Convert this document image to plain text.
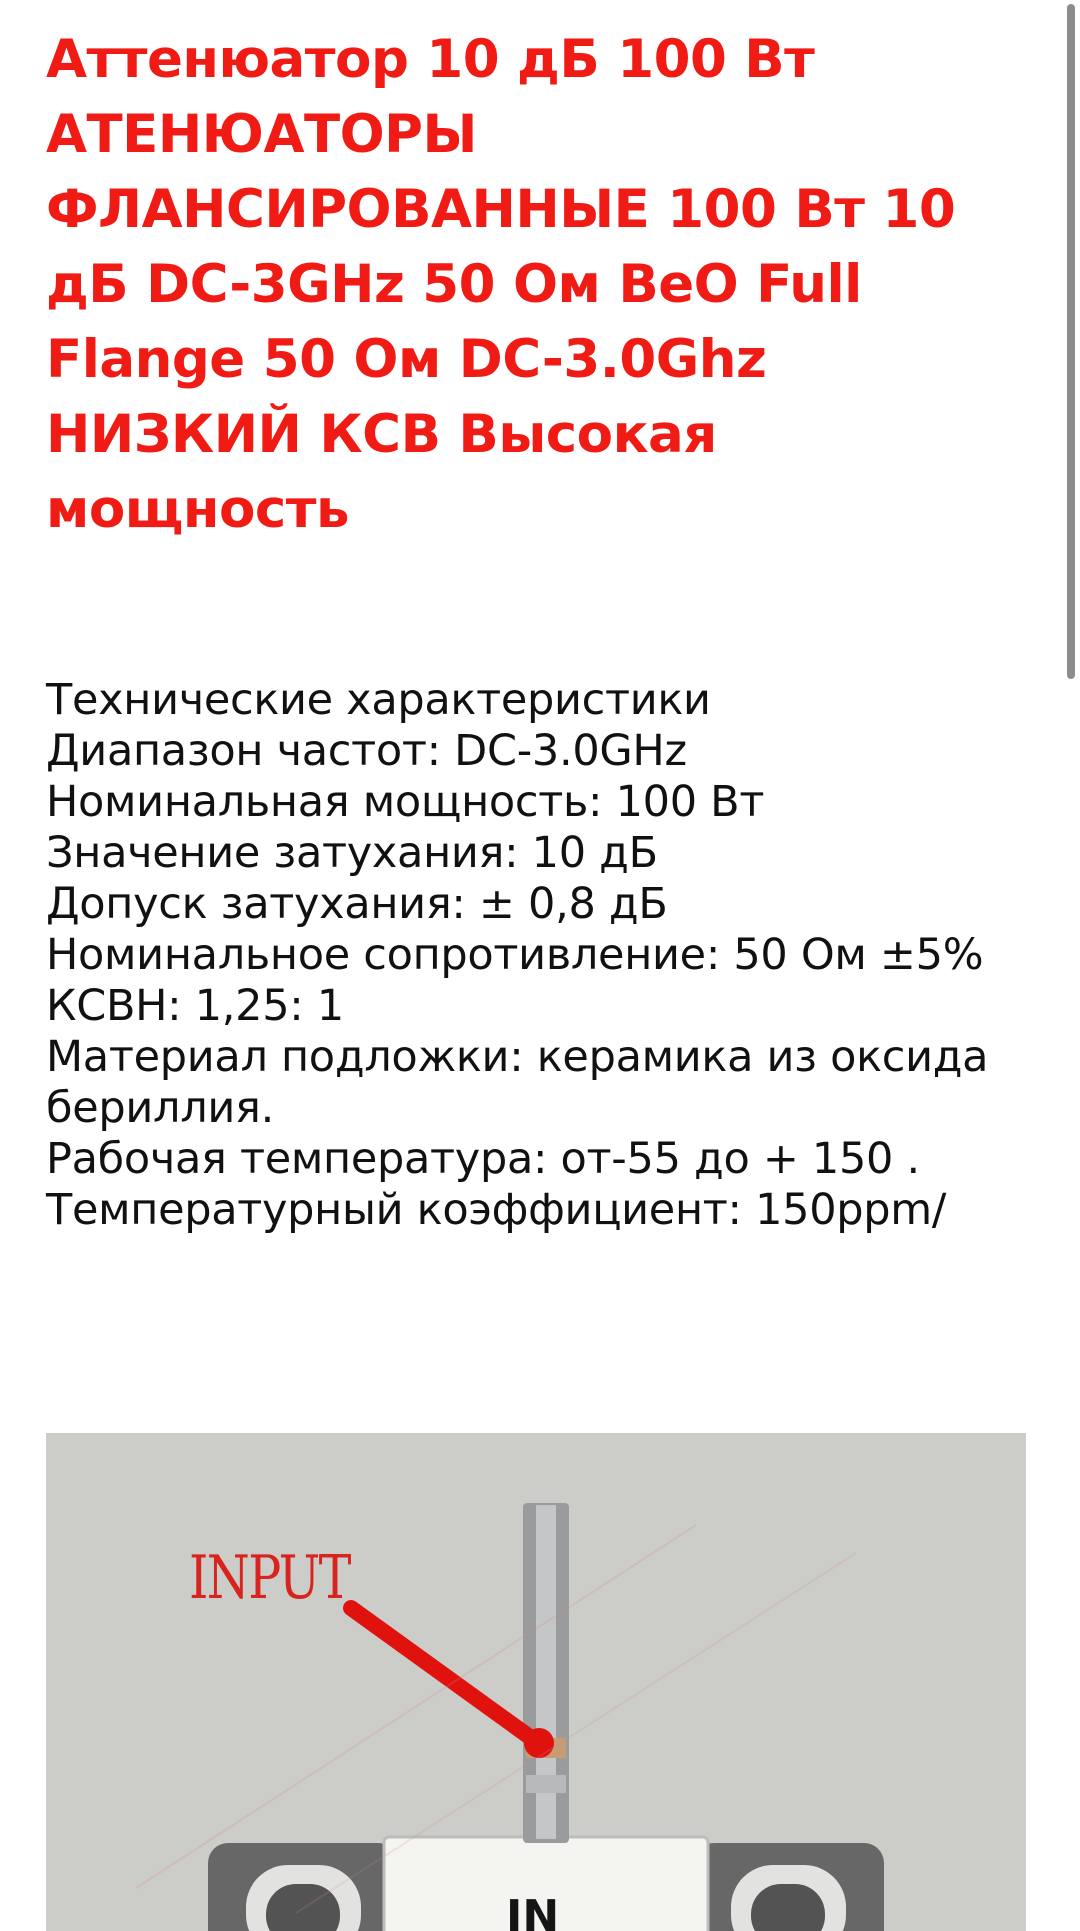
Аттенюатор 10 дБ 100 Вт АТЕНЮАТОРЫ ФЛАНСИРОВАННЫЕ 100 Вт 10 дБ DC-3GHz 50 Ом BeO Full Flange 50 Ом DC-3.0Ghz НИЗКИЙ КСВ Высокая мощность
Технические характеристики
Диапазон частот: DC-3.0GHz
Номинальная мощность: 100 Вт
Значение затухания: 10 дБ
Допуск затухания: ± 0,8 дБ
Номинальное сопротивление: 50 Ом ±5%
КСВН: 1,25: 1
Материал подложки: керамика из оксида бериллия.
Рабочая температура: от-55 до + 150 .
Температурный коэффициент: 150ppm/
INPUT
IN
